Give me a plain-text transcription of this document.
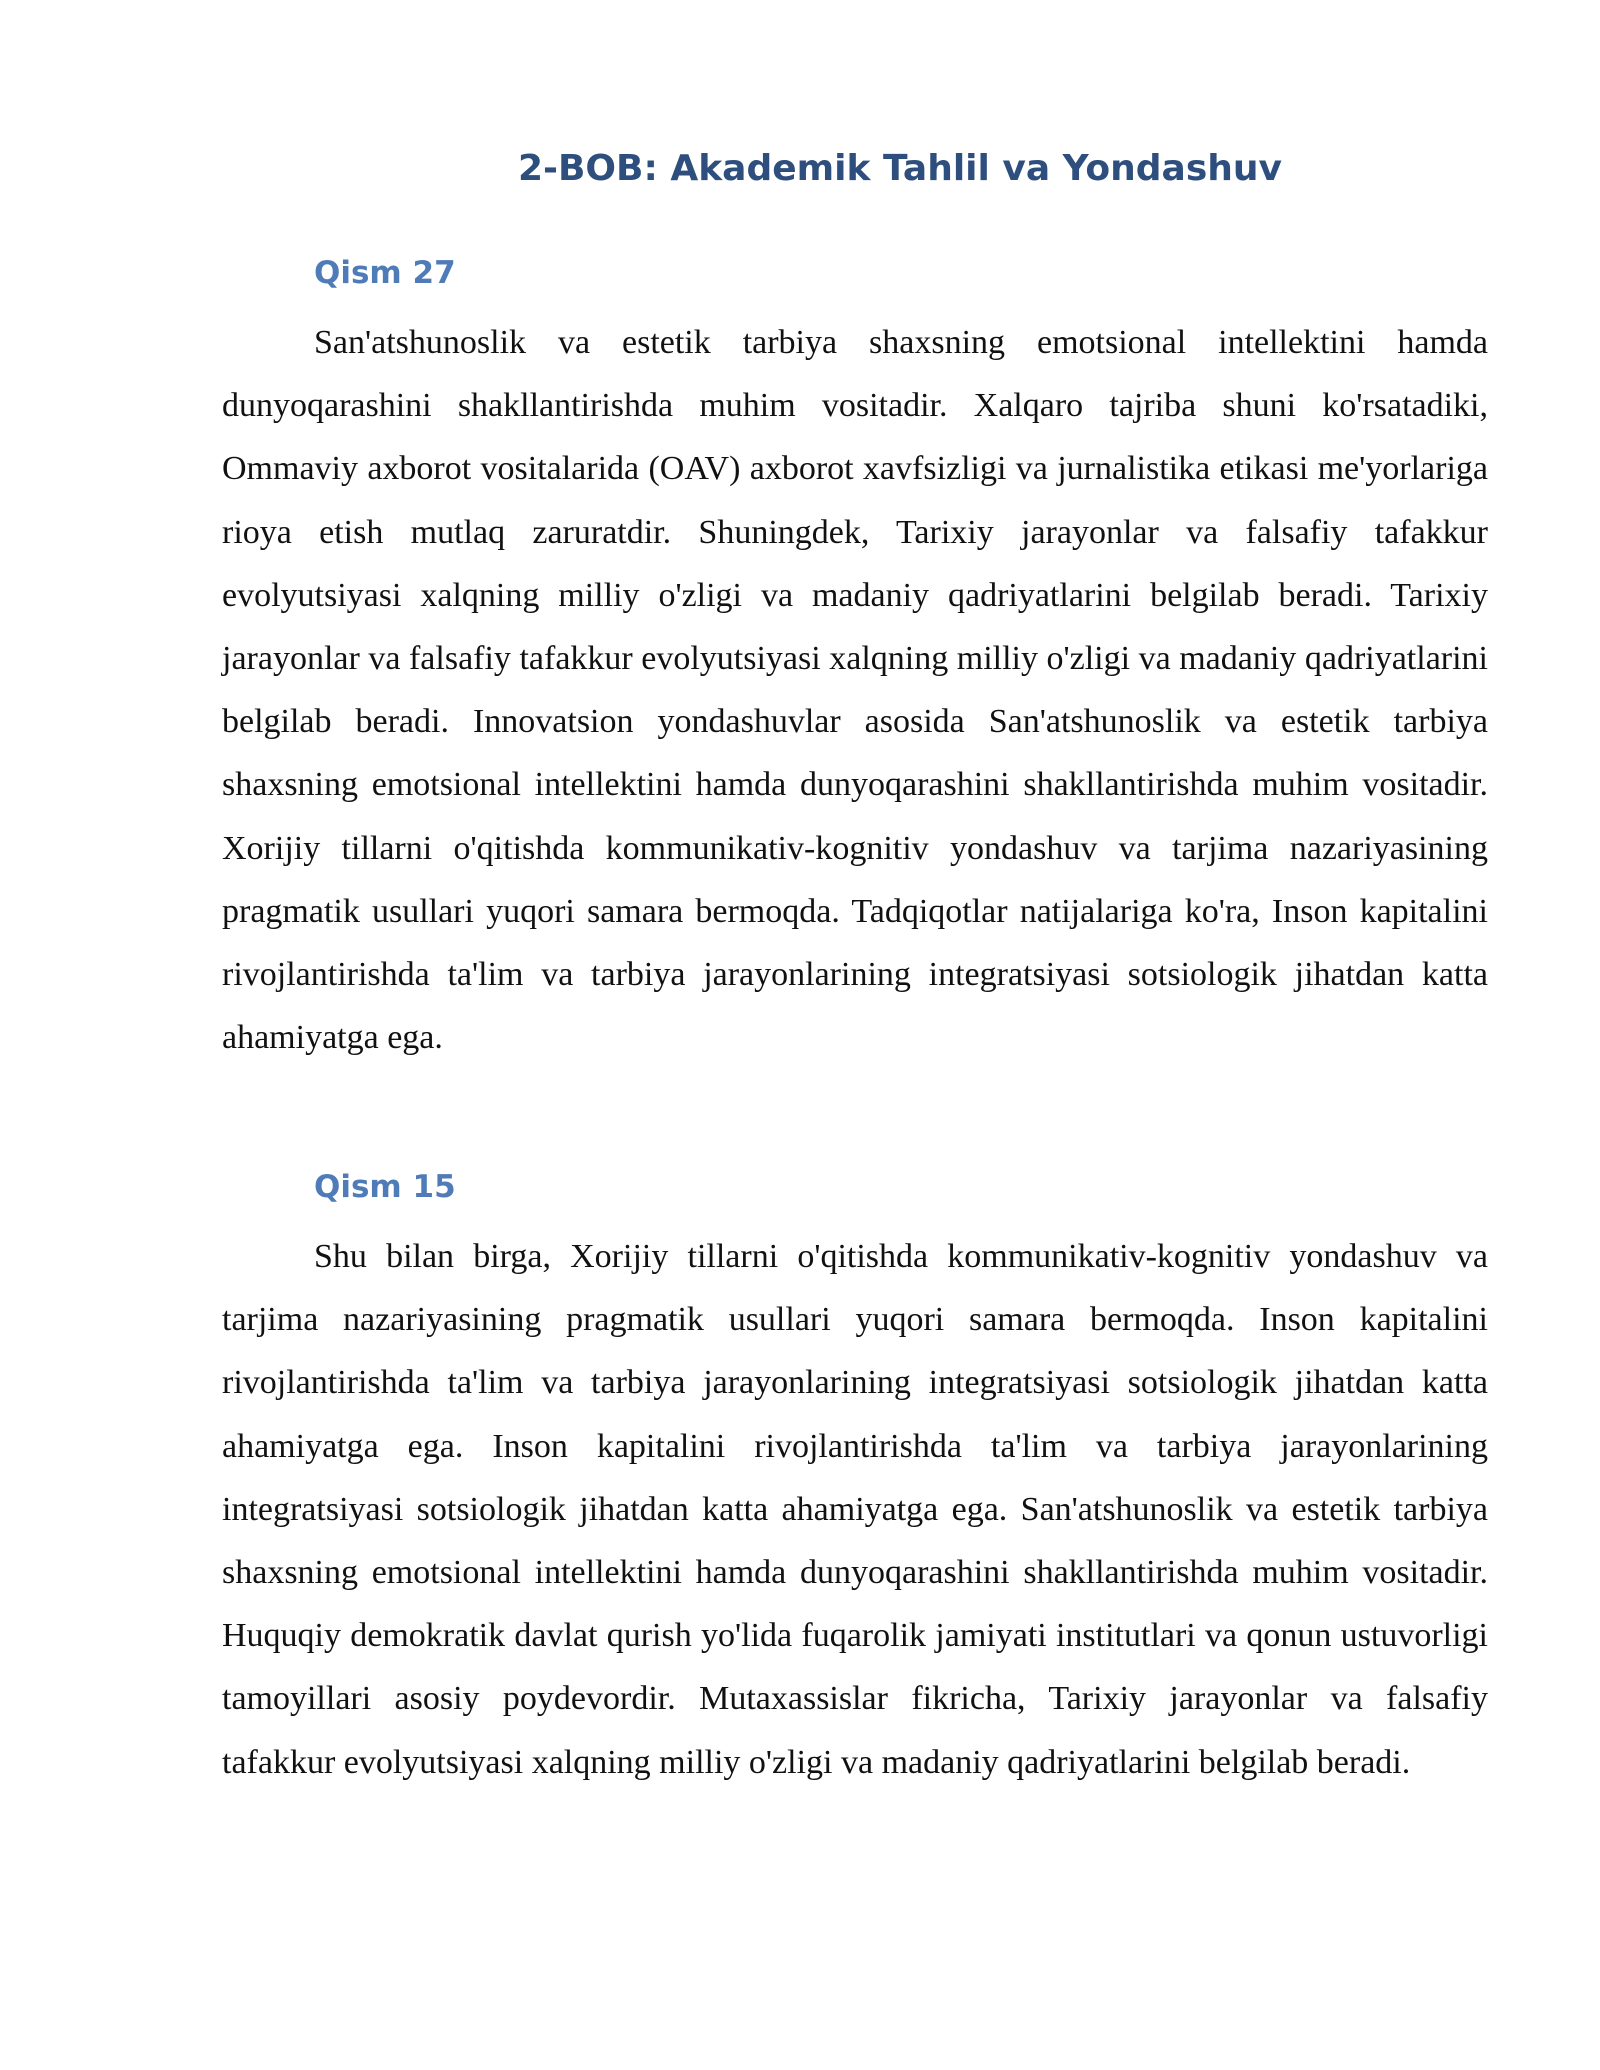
2-BOB: Akademik Tahlil va Yondashuv
Qism 27

San'atshunoslik va estetik tarbiya shaxsning emotsional intellektini hamda dunyoqarashini shakllantirishda muhim vositadir. Xalqaro tajriba shuni ko'rsatadiki, Ommaviy axborot vositalarida (OAV) axborot xavfsizligi va jurnalistika etikasi me'yorlariga rioya etish mutlaq zaruratdir. Shuningdek, Tarixiy jarayonlar va falsafiy tafakkur evolyutsiyasi xalqning milliy o'zligi va madaniy qadriyatlarini belgilab beradi. Tarixiy jarayonlar va falsafiy tafakkur evolyutsiyasi xalqning milliy o'zligi va madaniy qadriyatlarini belgilab beradi. Innovatsion yondashuvlar asosida San'atshunoslik va estetik tarbiya shaxsning emotsional intellektini hamda dunyoqarashini shakllantirishda muhim vositadir. Xorijiy tillarni o'qitishda kommunikativ-kognitiv yondashuv va tarjima nazariyasining pragmatik usullari yuqori samara bermoqda. Tadqiqotlar natijalariga ko'ra, Inson kapitalini rivojlantirishda ta'lim va tarbiya jarayonlarining integratsiyasi sotsiologik jihatdan katta ahamiyatga ega.

Qism 15

Shu bilan birga, Xorijiy tillarni o'qitishda kommunikativ-kognitiv yondashuv va tarjima nazariyasining pragmatik usullari yuqori samara bermoqda. Inson kapitalini rivojlantirishda ta'lim va tarbiya jarayonlarining integratsiyasi sotsiologik jihatdan katta ahamiyatga ega. Inson kapitalini rivojlantirishda ta'lim va tarbiya jarayonlarining integratsiyasi sotsiologik jihatdan katta ahamiyatga ega. San'atshunoslik va estetik tarbiya shaxsning emotsional intellektini hamda dunyoqarashini shakllantirishda muhim vositadir. Huquqiy demokratik davlat qurish yo'lida fuqarolik jamiyati institutlari va qonun ustuvorligi tamoyillari asosiy poydevordir. Mutaxassislar fikricha, Tarixiy jarayonlar va falsafiy tafakkur evolyutsiyasi xalqning milliy o'zligi va madaniy qadriyatlarini belgilab beradi.
